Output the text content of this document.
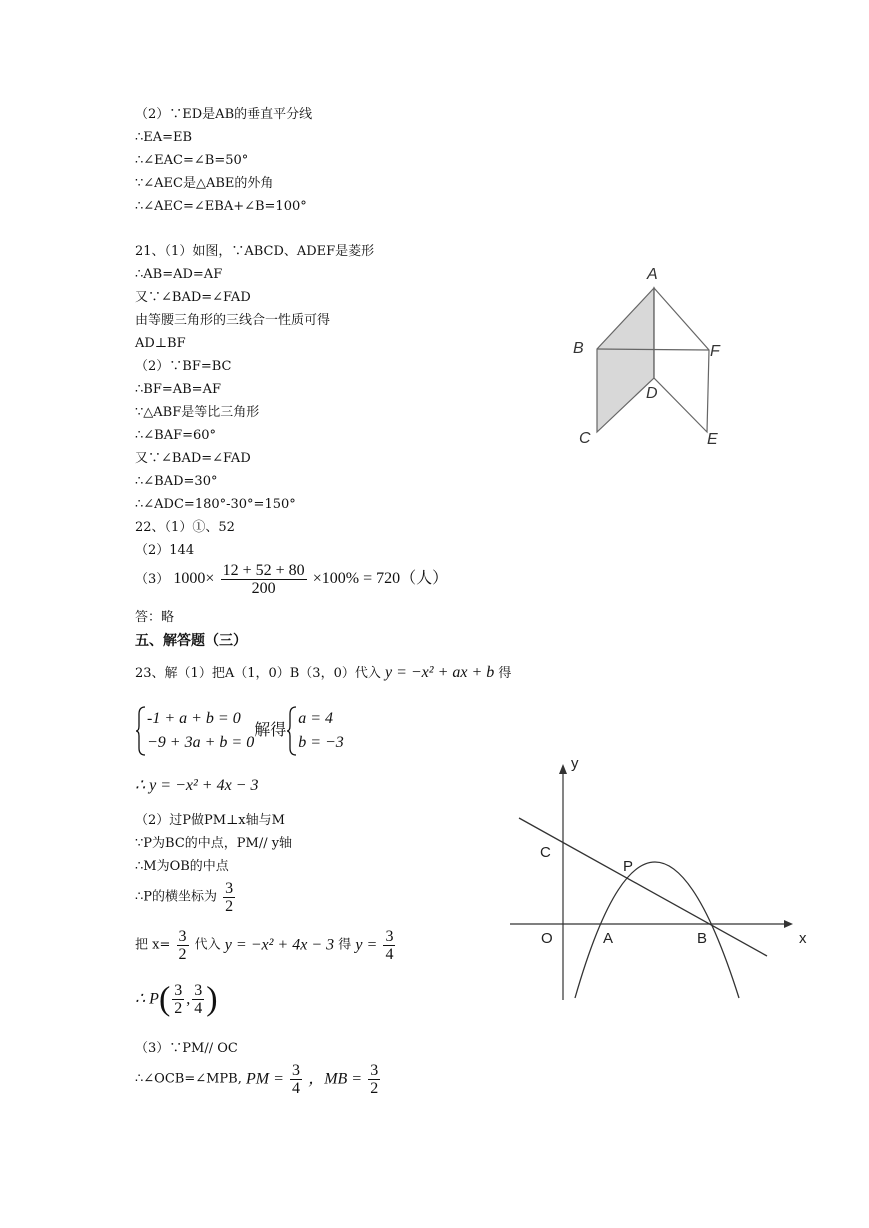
（2）∵ED是AB的垂直平分线
∴EA=EB
∴∠EAC=∠B=50°
∵∠AEC是△ABE的外角
∴∠AEC=∠EBA+∠B=100°
21、（1）如图，∵ABCD、ADEF是菱形
∴AB=AD=AF
又∵∠BAD=∠FAD
由等腰三角形的三线合一性质可得
AD⊥BF
（2）∵BF=BC
∴BF=AB=AF
∵△ABF是等比三角形
∴∠BAF=60°
又∵∠BAD=∠FAD
∴∠BAD=30°
∴∠ADC=180°-30°=150°
22、（1）①、52
（2）144
（3） $1000\times \frac{12 + 52 + 80}{200} \times 100\% = 720$（人）
答：略
五、解答题（三）
23、解（1）把A（1，0）B（3，0）代入 y = −x² + ax + b 得
-1 + a + b = 0
−9 + 3a + b = 0
解得
a = 4
b = −3
∴ y = −x² + 4x − 3
（2）过P做PM⊥x轴与M
∵P为BC的中点，PM// y轴
∴M为OB的中点
∴P的横坐标为 $\frac{3}{2}$
把 $x= \frac{3}{2}$ 代入 y = −x² + 4x − 3 得 $y = \frac{3}{4}$
∴ $P( \frac{3}{2}$ , $\frac{3}{4}$ )
（3）∵PM// OC
∴∠OCB=∠MPB, PM = $\frac{3}{4}$ ，MB = $\frac{3}{2}$
A
B
C
D
E
F
y
x
O	A	B
C
P
